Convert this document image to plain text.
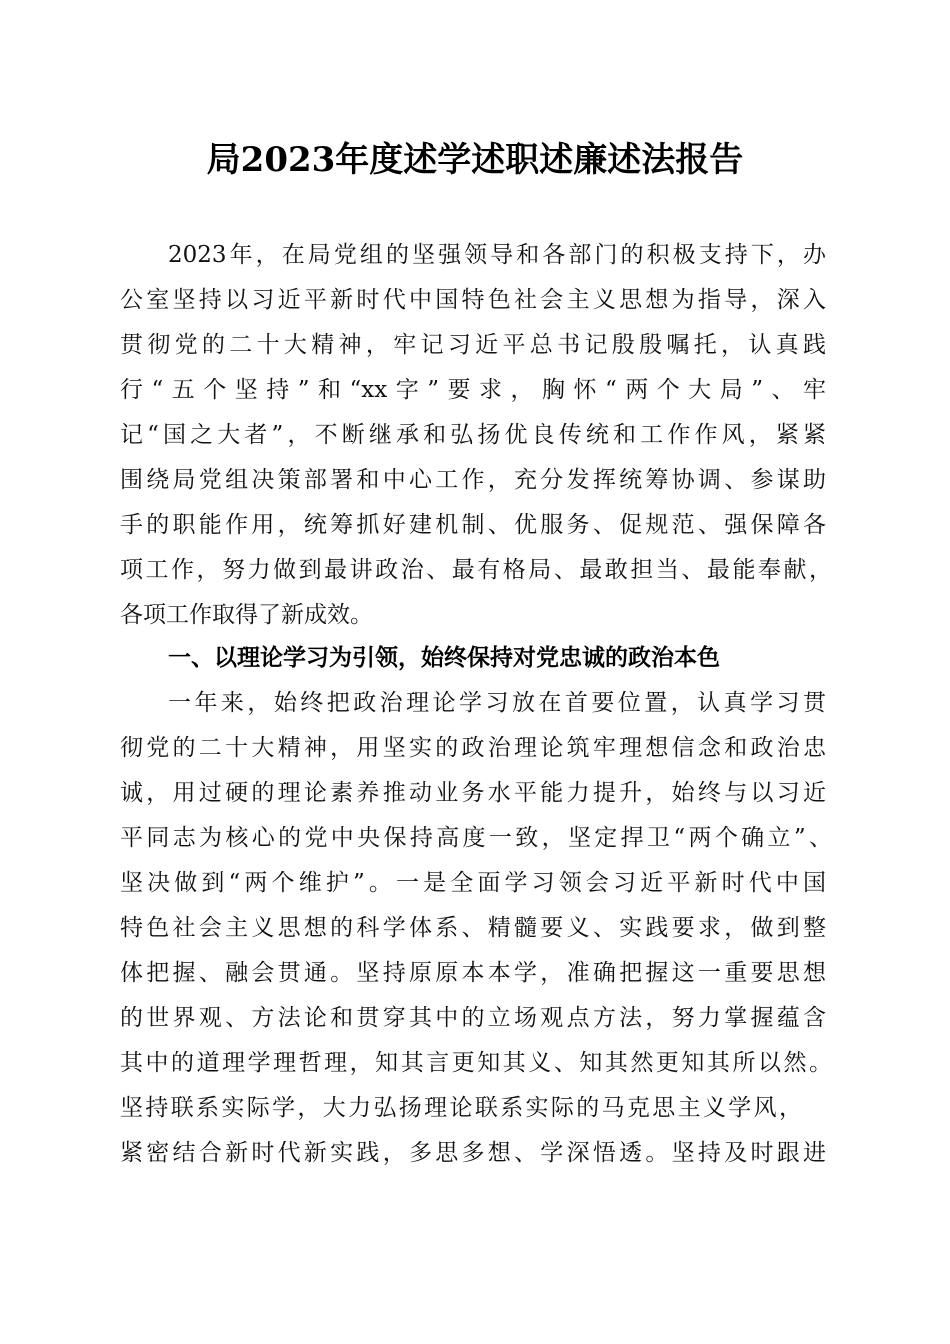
局2023年度述学述职述廉述法报告

2023年，在局党组的坚强领导和各部门的积极支持下，办

公室坚持以习近平新时代中国特色社会主义思想为指导，深入

贯彻党的二十大精神，牢记习近平总书记殷殷嘱托，认真践

行“五个坚持”和“xx字”要求，胸怀“两个大局”、牢

记“国之大者”，不断继承和弘扬优良传统和工作作风，紧紧

围绕局党组决策部署和中心工作，充分发挥统筹协调、参谋助

手的职能作用，统筹抓好建机制、优服务、促规范、强保障各

项工作，努力做到最讲政治、最有格局、最敢担当、最能奉献，

各项工作取得了新成效。

一、以理论学习为引领，始终保持对党忠诚的政治本色

一年来，始终把政治理论学习放在首要位置，认真学习贯

彻党的二十大精神，用坚实的政治理论筑牢理想信念和政治忠

诚，用过硬的理论素养推动业务水平能力提升，始终与以习近

平同志为核心的党中央保持高度一致，坚定捍卫“两个确立”、

坚决做到“两个维护”。一是全面学习领会习近平新时代中国

特色社会主义思想的科学体系、精髓要义、实践要求，做到整

体把握、融会贯通。坚持原原本本学，准确把握这一重要思想

的世界观、方法论和贯穿其中的立场观点方法，努力掌握蕴含

其中的道理学理哲理，知其言更知其义、知其然更知其所以然。

坚持联系实际学，大力弘扬理论联系实际的马克思主义学风，

紧密结合新时代新实践，多思多想、学深悟透。坚持及时跟进
